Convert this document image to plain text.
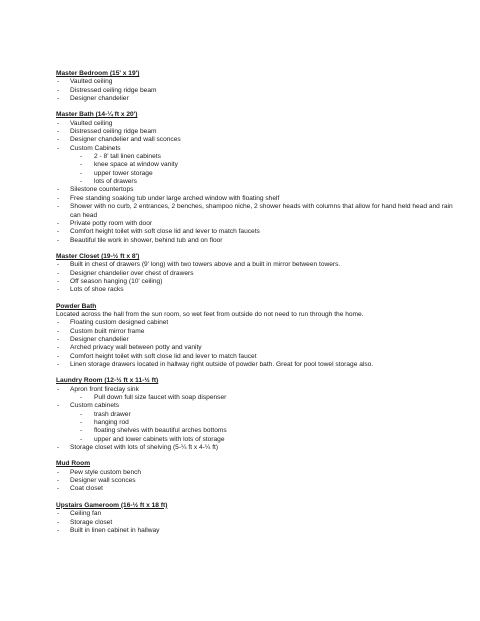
Master Bedroom (15' x 19')
- Vaulted ceiling
- Distressed ceiling ridge beam
- Designer chandelier
Master Bath (14-¼ ft x 20')
- Vaulted ceiling
- Distressed ceiling ridge beam
- Designer chandelier and wall sconces
- Custom Cabinets
- 2 - 8' tall linen cabinets
- knee space at window vanity
- upper tower storage
- lots of drawers
- Silestone countertops
- Free standing soaking tub under large arched window with floating shelf
- Shower with no curb, 2 entrances, 2 benches, shampoo niche, 2 shower heads with columns that allow for hand held head and rain can head
- Private potty room with door
- Comfort height toilet with soft close lid and lever to match faucets
- Beautiful tile work in shower, behind tub and on floor
Master Closet (19-½ ft x 8')
- Built in chest of drawers (9' long) with two towers above and a built in mirror between towers.
- Designer chandelier over chest of drawers
- Off season hanging (10' ceiling)
- Lots of shoe racks
Powder Bath
Located across the hall from the sun room, so wet feet from outside do not need to run through the home.
- Floating custom designed cabinet
- Custom built mirror frame
- Designer chandelier
- Arched privacy wall between potty and vanity
- Comfort height toilet with soft close lid and lever to match faucet
- Linen storage drawers located in hallway right outside of powder bath. Great for pool towel storage also.
Laundry Room (12-½ ft x 11-½ ft)
- Apron front fireclay sink
- Pull down full size faucet with soap dispenser
- Custom cabinets
- trash drawer
- hanging rod
- floating shelves with beautiful arches bottoms
- upper and lower cabinets with lots of storage
- Storage closet with lots of shelving (5-¼ ft x 4-¼ ft)
Mud Room
- Pew style custom bench
- Designer wall sconces
- Coat closet
Upstairs Gameroom (16-½ ft x 18 ft)
- Ceiling fan
- Storage closet
- Built in linen cabinet in hallway
